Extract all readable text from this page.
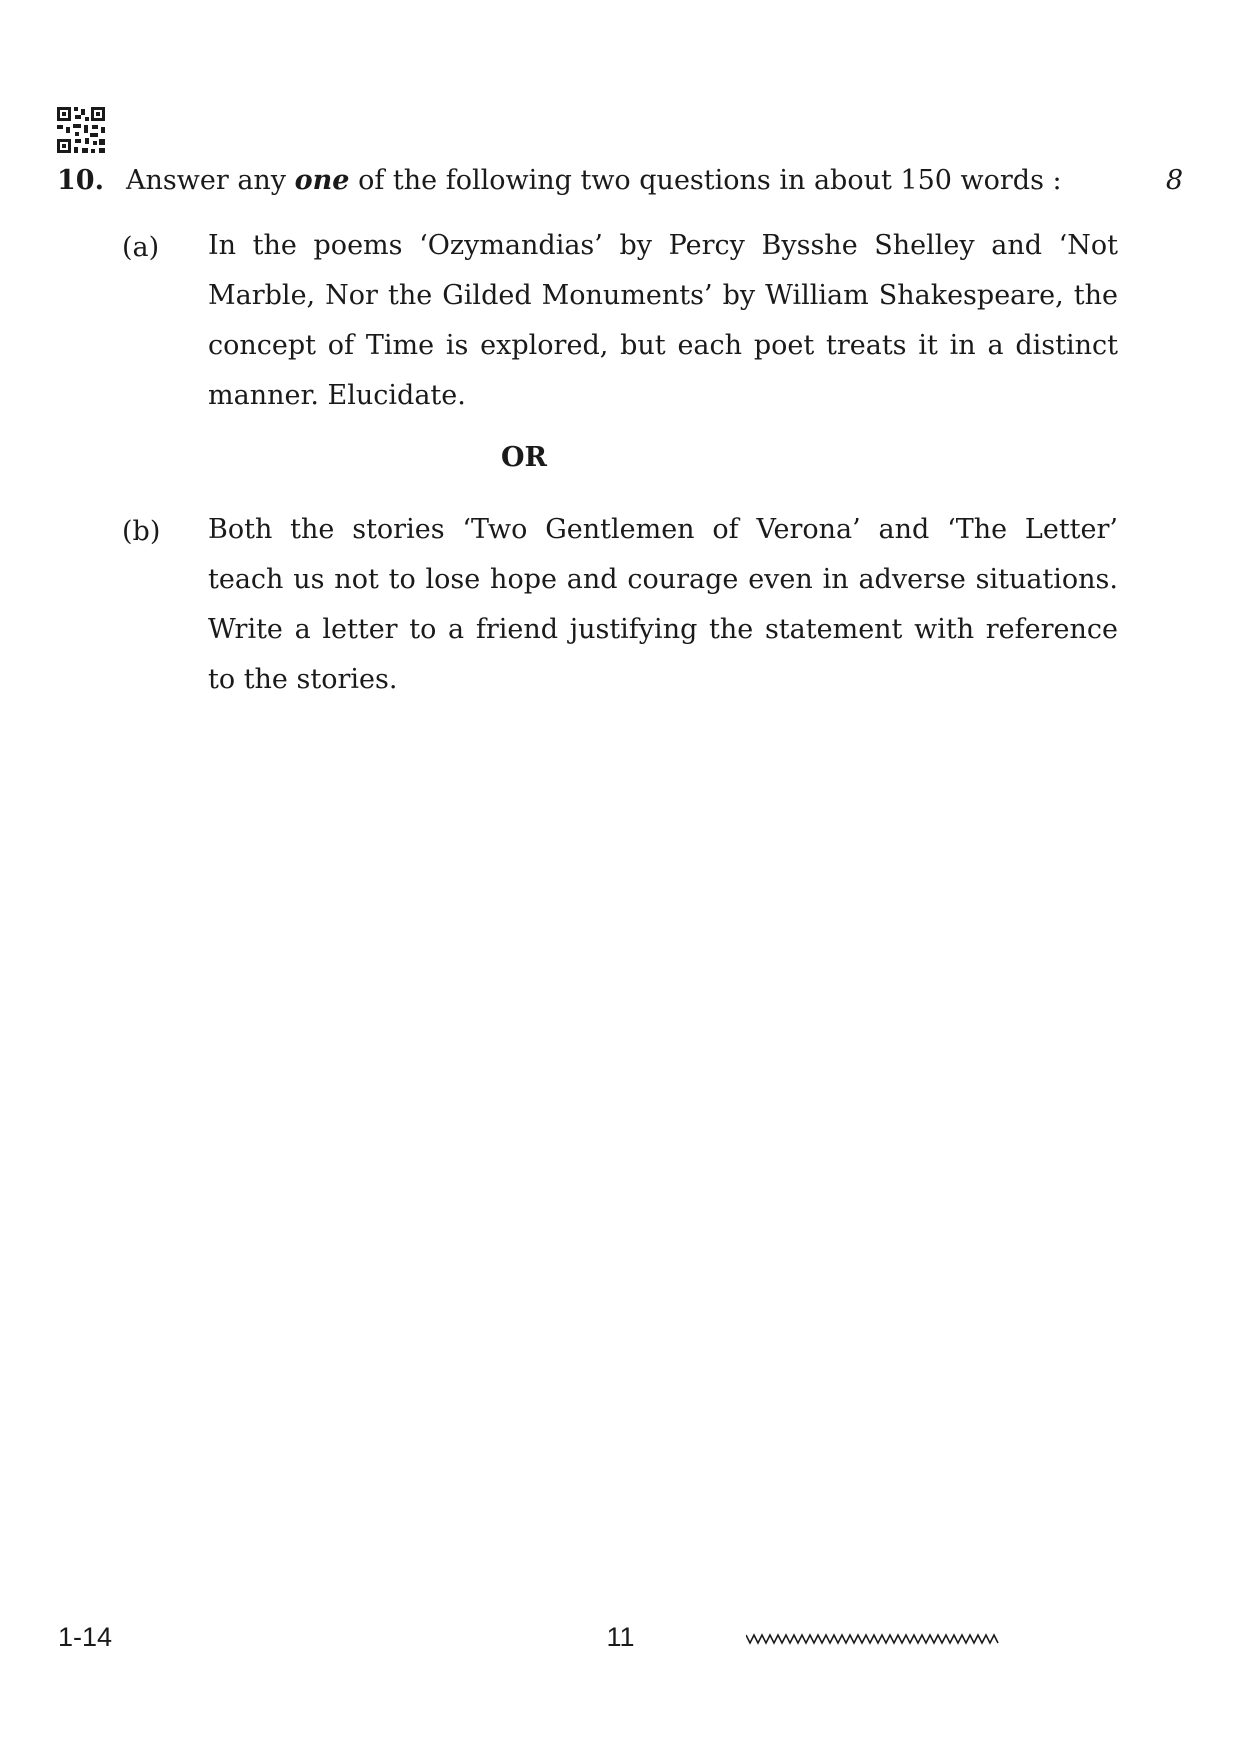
10. Answer any one of the following two questions in about 150 words :	8
(a) In the poems ‘Ozymandias’ by Percy Bysshe Shelley and ‘Not Marble, Nor the Gilded Monuments’ by William Shakespeare, the concept of Time is explored, but each poet treats it in a distinct manner. Elucidate.
OR
(b) Both the stories ‘Two Gentlemen of Verona’ and ‘The Letter’ teach us not to lose hope and courage even in adverse situations. Write a letter to a friend justifying the statement with reference to the stories.
1-14	11
